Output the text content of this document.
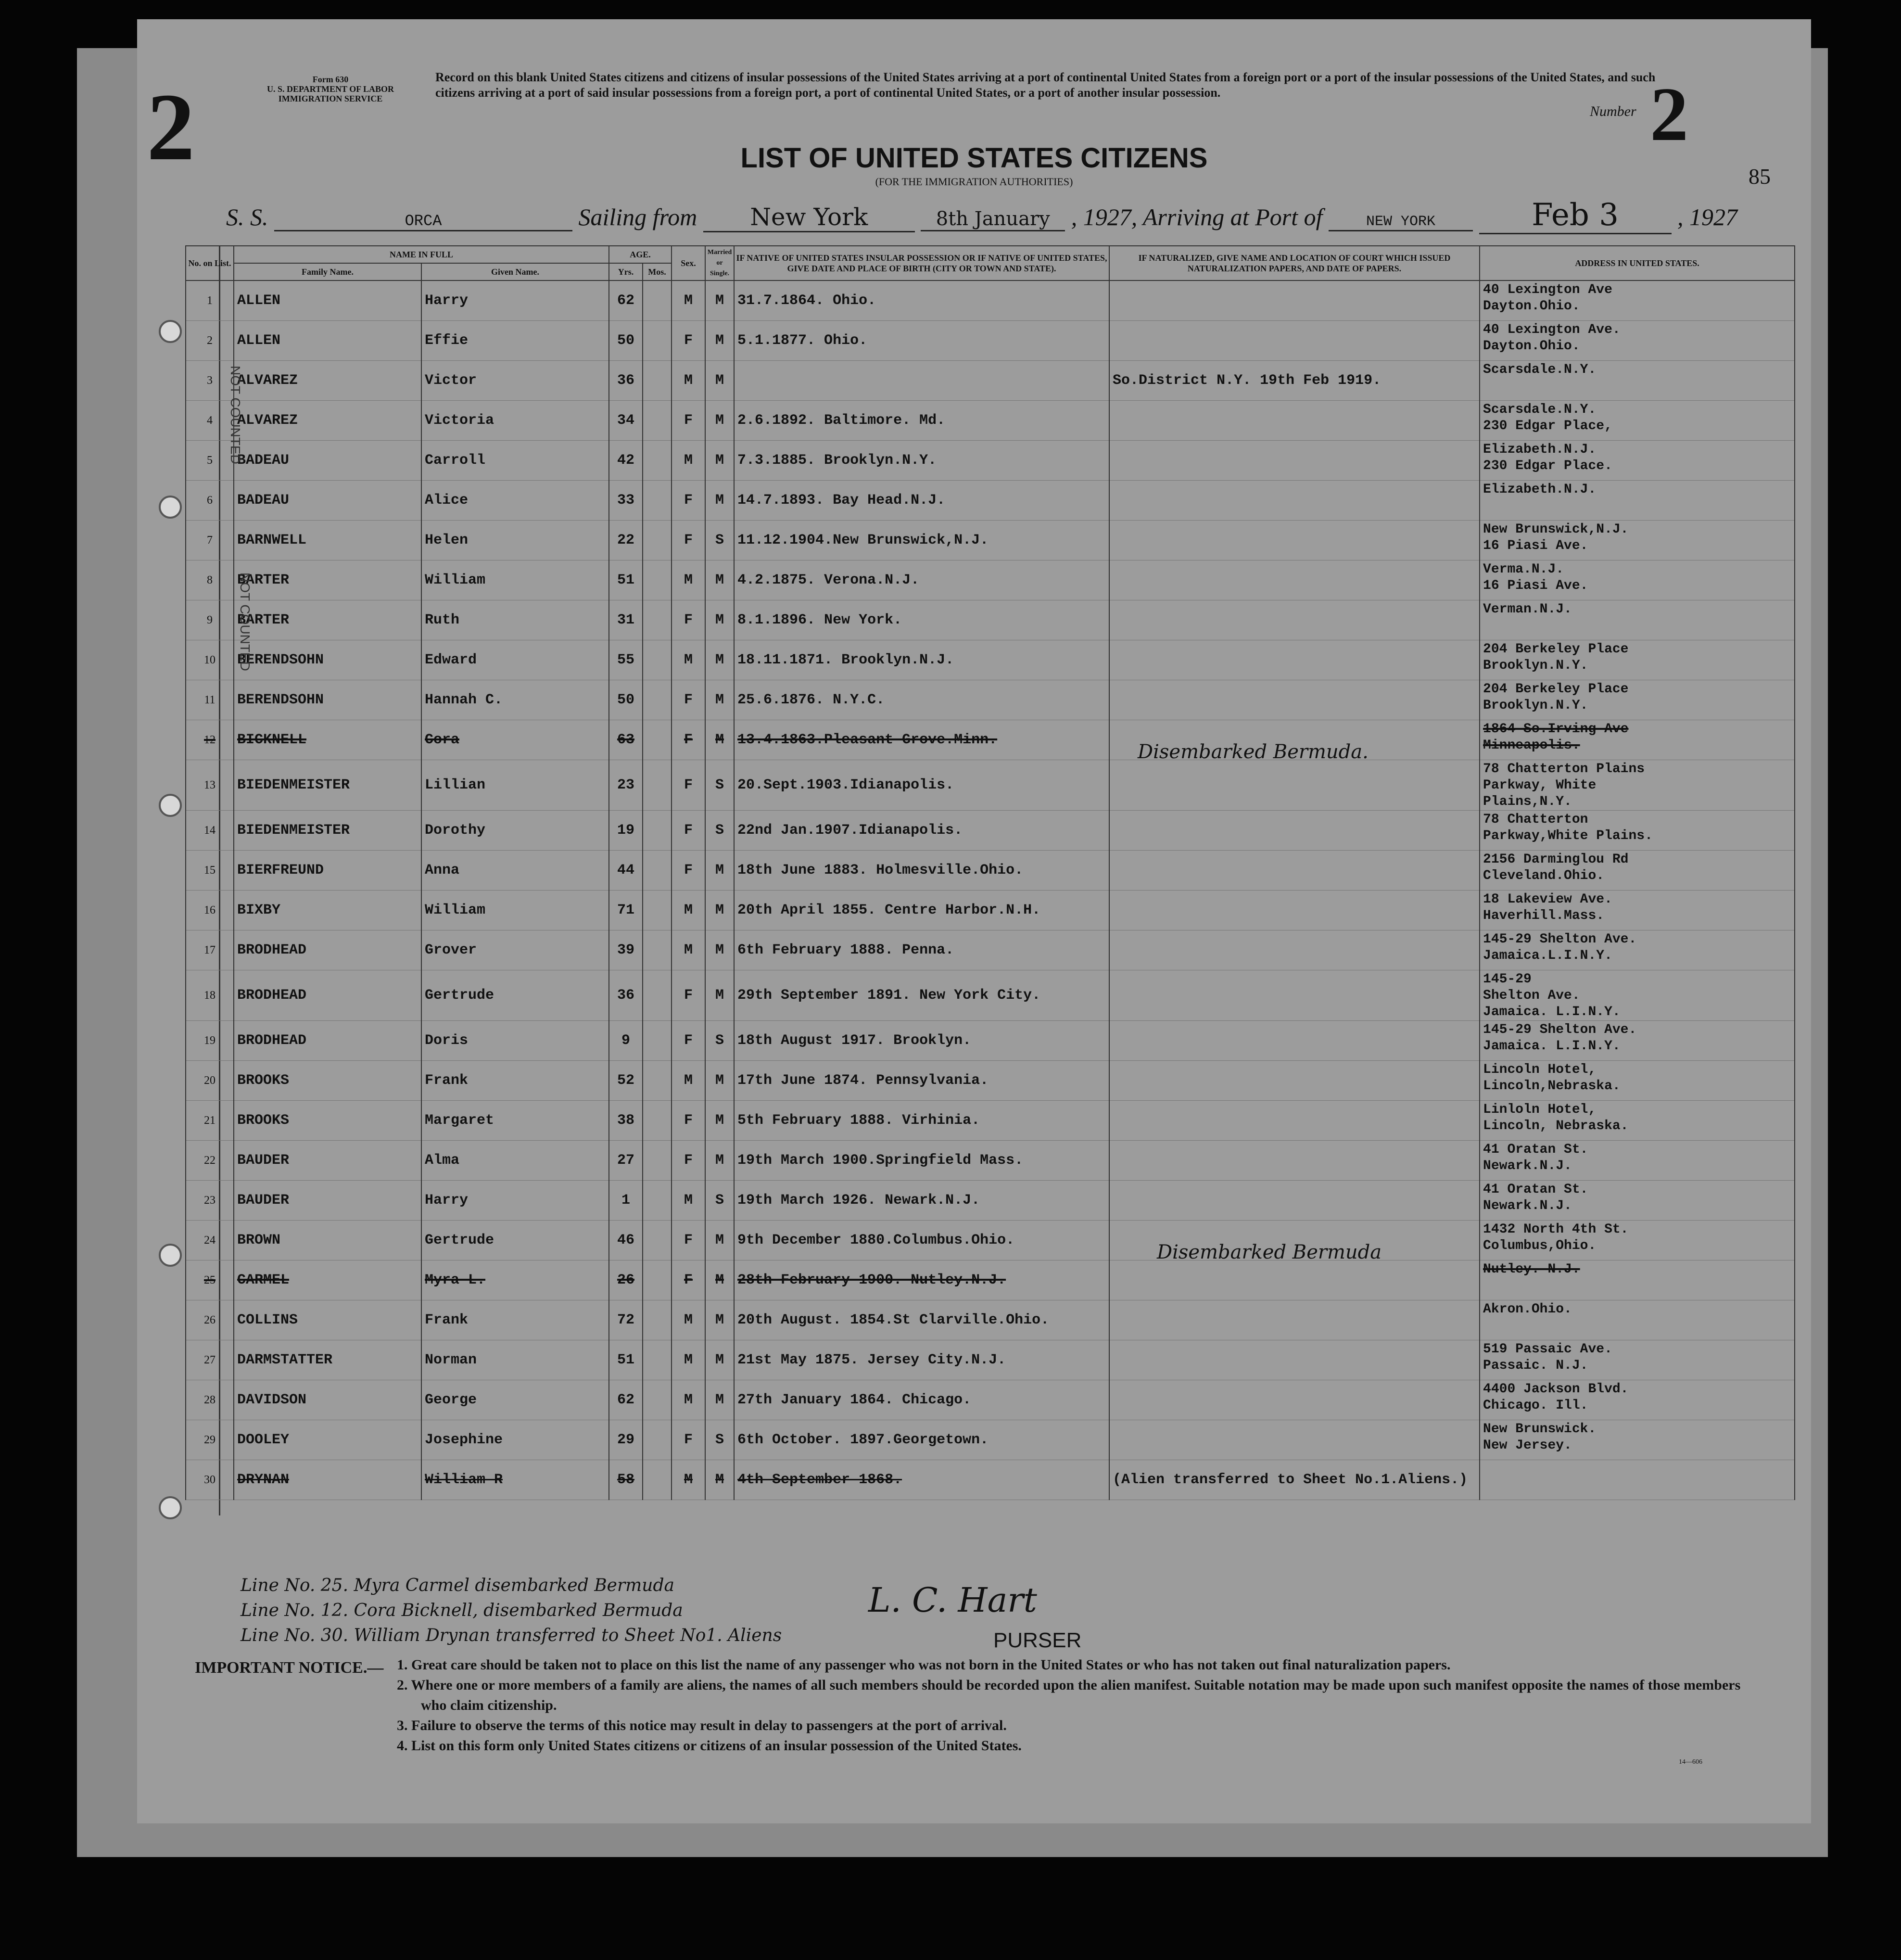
2	Form 630
U. S. DEPARTMENT OF LABOR
IMMIGRATION SERVICE
Record on this blank United States citizens and citizens of insular possessions of the United States arriving at a port of continental United States from a foreign port or a port of the insular possessions of the United States, and such citizens arriving at a port of said insular possessions from a foreign port, a port of continental United States, or a port of another insular possession.
Number 2
LIST OF UNITED STATES CITIZENS
(FOR THE IMMIGRATION AUTHORITIES)	85
S. S.	ORCA	Sailing from New York	8th January , 1927, Arriving at Port of	NEW YORK	Feb 3 , 1927
No. on List.	NAME IN FULL		AGE.		Sex.	Married or Single.	IF NATIVE OF UNITED STATES INSULAR POSSESSION OR IF NATIVE OF UNITED STATES, GIVE DATE AND PLACE OF BIRTH (CITY OR TOWN AND STATE).	IF NATURALIZED, GIVE NAME AND LOCATION OF COURT WHICH ISSUED NATURALIZATION PAPERS, AND DATE OF PAPERS.	ADDRESS IN UNITED STATES.
	Family Name.	Given Name.	Yrs.	Mos.					
1	ALLEN	Harry	62		M	M	31.7.1864. Ohio.		40 Lexington Ave
Dayton.Ohio.
2	ALLEN	Effie	50		F	M	5.1.1877. Ohio.		40 Lexington Ave.
Dayton.Ohio.
3	ALVAREZ	Victor	36		M	M		So.District N.Y. 19th Feb 1919.	Scarsdale.N.Y.
4	ALVAREZ	Victoria	34		F	M	2.6.1892. Baltimore. Md.		Scarsdale.N.Y.
230 Edgar Place,
5	BADEAU	Carroll	42		M	M	7.3.1885. Brooklyn.N.Y.		Elizabeth.N.J.
230 Edgar Place.
6	BADEAU	Alice	33		F	M	14.7.1893. Bay Head.N.J.		Elizabeth.N.J.
7	BARNWELL	Helen	22		F	S	11.12.1904.New Brunswick,N.J.		New Brunswick,N.J.
16 Piasi Ave.
8	BARTER	William	51		M	M	4.2.1875. Verona.N.J.		Verma.N.J.
16 Piasi Ave.
9	BARTER	Ruth	31		F	M	8.1.1896. New York.		Verman.N.J.
10	BERENDSOHN	Edward	55		M	M	18.11.1871. Brooklyn.N.J.		204 Berkeley Place
Brooklyn.N.Y.
11	BERENDSOHN	Hannah C.	50		F	M	25.6.1876. N.Y.C.		204 Berkeley Place
Brooklyn.N.Y.
12	BICKNELL	Cora	63		F	M	13.4.1863.Pleasant Grove.Minn.		1864 So.Irving Ave
Minneapolis.
13	BIEDENMEISTER	Lillian	23		F	S	20.Sept.1903.Idianapolis.		78 Chatterton Plains
Parkway, White
Plains,N.Y.
14	BIEDENMEISTER	Dorothy	19		F	S	22nd Jan.1907.Idianapolis.		78 Chatterton
Parkway,White Plains.
15	BIERFREUND	Anna	44		F	M	18th June 1883. Holmesville.Ohio.		2156 Darminglou Rd
Cleveland.Ohio.
16	BIXBY	William	71		M	M	20th April 1855. Centre Harbor.N.H.		18 Lakeview Ave.
Haverhill.Mass.
17	BRODHEAD	Grover	39		M	M	6th February 1888. Penna.		145-29 Shelton Ave.
Jamaica.L.I.N.Y.
18	BRODHEAD	Gertrude	36		F	M	29th September 1891. New York City.		145-29
Shelton Ave.
Jamaica. L.I.N.Y.
19	BRODHEAD	Doris	9		F	S	18th August 1917. Brooklyn.		145-29 Shelton Ave.
Jamaica. L.I.N.Y.
20	BROOKS	Frank	52		M	M	17th June 1874. Pennsylvania.		Lincoln Hotel,
Lincoln,Nebraska.
21	BROOKS	Margaret	38		F	M	5th February 1888. Virhinia.		Linloln Hotel,
Lincoln, Nebraska.
22	BAUDER	Alma	27		F	M	19th March 1900.Springfield Mass.		41 Oratan St.
Newark.N.J.
23	BAUDER	Harry	1		M	S	19th March 1926. Newark.N.J.		41 Oratan St.
Newark.N.J.
24	BROWN	Gertrude	46		F	M	9th December 1880.Columbus.Ohio.		1432 North 4th St.
Columbus,Ohio.
25	CARMEL	Myra L.	26		F	M	28th February 1900. Nutley.N.J.		Nutley. N.J.
26	COLLINS	Frank	72		M	M	20th August. 1854.St Clarville.Ohio.		Akron.Ohio.
27	DARMSTATTER	Norman	51		M	M	21st May 1875. Jersey City.N.J.		519 Passaic Ave.
Passaic. N.J.
28	DAVIDSON	George	62		M	M	27th January 1864. Chicago.		4400 Jackson Blvd.
Chicago. Ill.
29	DOOLEY	Josephine	29		F	S	6th October. 1897.Georgetown.		New Brunswick.
New Jersey.
30	DRYNAN	William R	58		M	M	4th September 1868.	(Alien transferred to Sheet No.1.Aliens.)	
Disembarked Bermuda.
Disembarked Bermuda
NOT COUNTED
NOT COUNTED
Line No. 25. Myra Carmel disembarked Bermuda
Line No. 12. Cora Bicknell, disembarked Bermuda
Line No. 30. William Drynan transferred to Sheet No1. Aliens
L. C. Hart
PURSER
IMPORTANT NOTICE.— 1. Great care should be taken not to place on this list the name of any passenger who was not born in the United States or who has not taken out final naturalization papers.
2. Where one or more members of a family are aliens, the names of all such members should be recorded upon the alien manifest. Suitable notation may be made upon such manifest opposite the names of those members who claim citizenship.
3. Failure to observe the terms of this notice may result in delay to passengers at the port of arrival.
4. List on this form only United States citizens or citizens of an insular possession of the United States.
14—606
